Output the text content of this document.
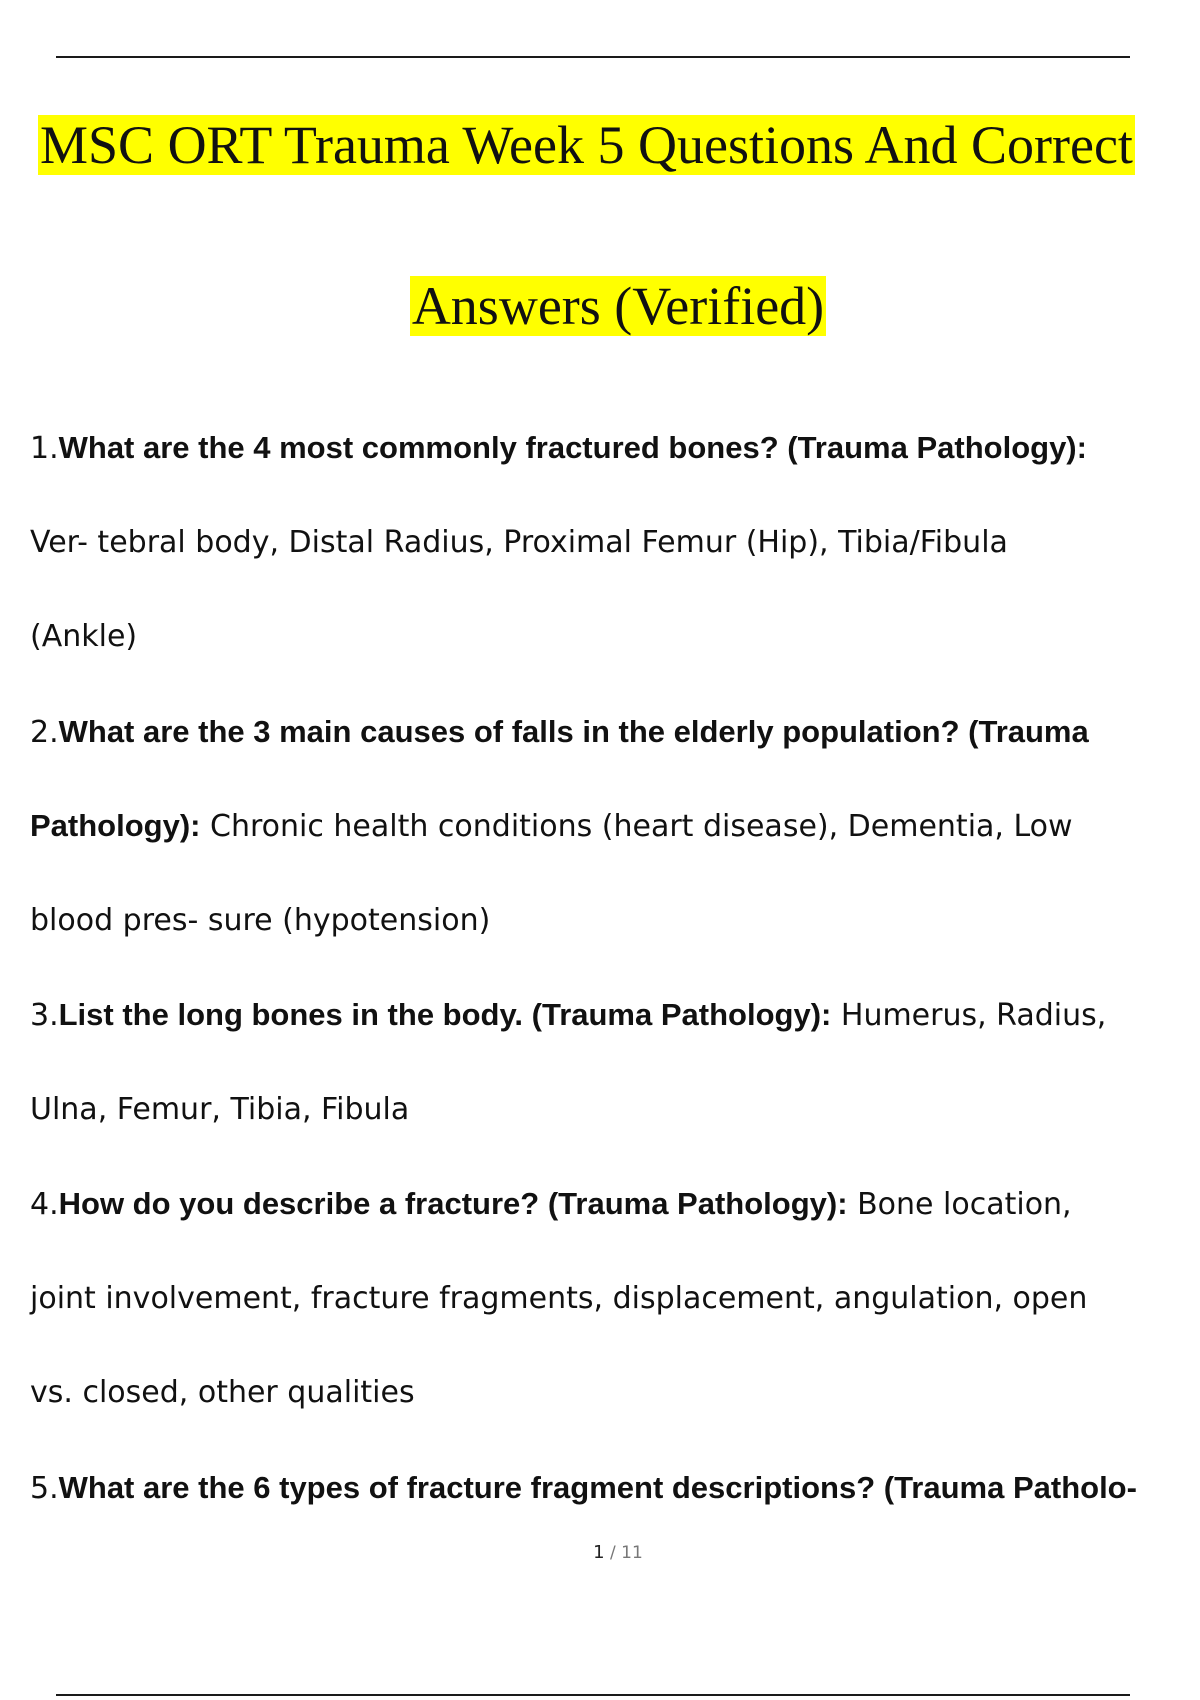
MSC ORT Trauma Week 5 Questions And Correct
Answers (Verified)
1.What are the 4 most commonly fractured bones? (Trauma Pathology):
Ver- tebral body, Distal Radius, Proximal Femur (Hip), Tibia/Fibula
(Ankle)
2.What are the 3 main causes of falls in the elderly population? (Trauma
Pathology): Chronic health conditions (heart disease), Dementia, Low
blood pres- sure (hypotension)
3.List the long bones in the body. (Trauma Pathology): Humerus, Radius,
Ulna, Femur, Tibia, Fibula
4.How do you describe a fracture? (Trauma Pathology): Bone location,
joint involvement, fracture fragments, displacement, angulation, open
vs. closed, other qualities
5.What are the 6 types of fracture fragment descriptions? (Trauma Patholo-
1 / 11
